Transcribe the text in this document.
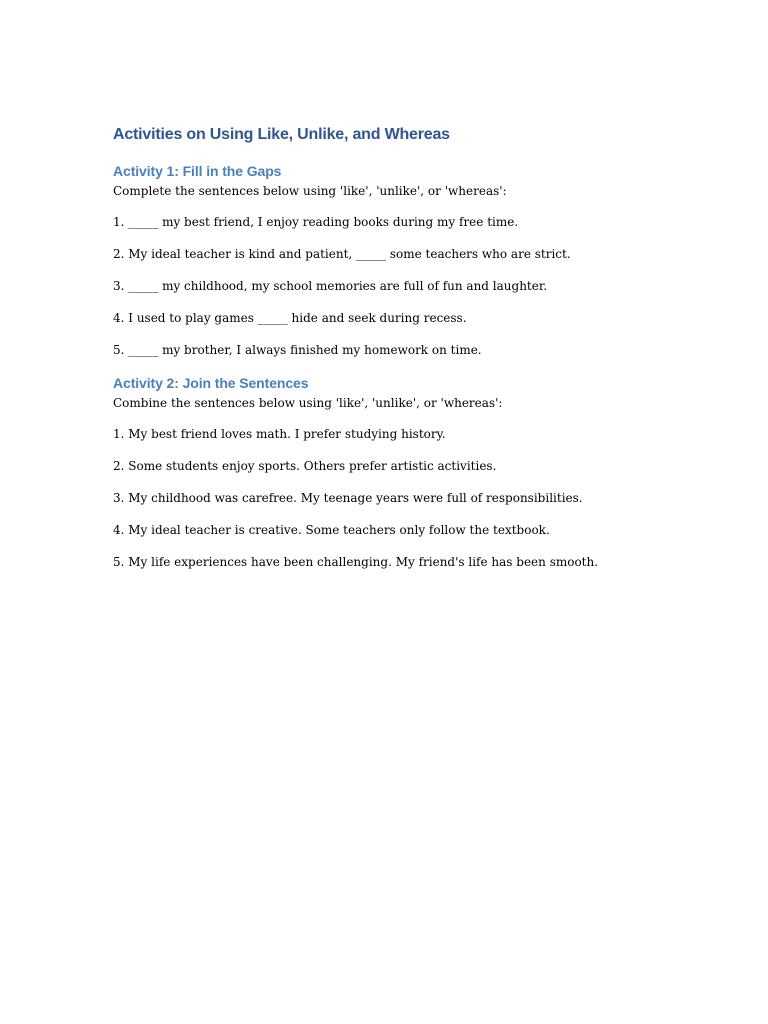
Activities on Using Like, Unlike, and Whereas
Activity 1: Fill in the Gaps

Complete the sentences below using 'like', 'unlike', or 'whereas':

1. _____ my best friend, I enjoy reading books during my free time.

2. My ideal teacher is kind and patient, _____ some teachers who are strict.

3. _____ my childhood, my school memories are full of fun and laughter.

4. I used to play games _____ hide and seek during recess.

5. _____ my brother, I always finished my homework on time.

Activity 2: Join the Sentences

Combine the sentences below using 'like', 'unlike', or 'whereas':

1. My best friend loves math. I prefer studying history.

2. Some students enjoy sports. Others prefer artistic activities.

3. My childhood was carefree. My teenage years were full of responsibilities.

4. My ideal teacher is creative. Some teachers only follow the textbook.

5. My life experiences have been challenging. My friend's life has been smooth.
